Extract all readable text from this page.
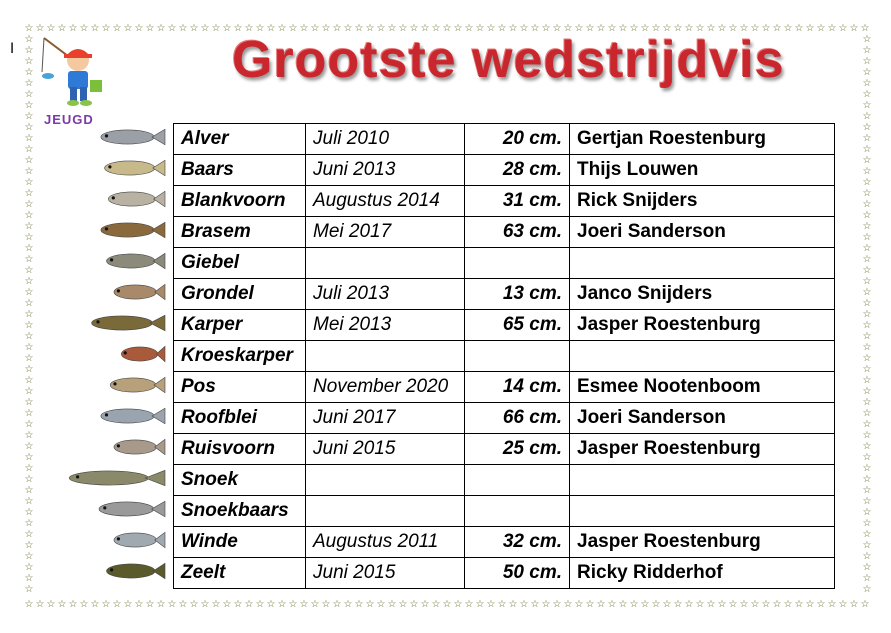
I
☆
☆
☆
☆
☆
☆
☆
☆
☆
☆
☆
☆
☆
☆
☆
☆
☆
☆
☆
☆
☆
☆
☆
☆
☆
☆
☆
☆
☆
☆
☆
☆
☆
☆
☆
☆
☆
☆
☆
☆
☆
☆
☆
☆
☆
☆
☆
☆
☆
☆
☆
☆
☆
☆
☆
☆
☆
☆
☆
☆
☆
☆
☆
☆
☆
☆
☆
☆
☆
☆
☆
☆
☆
☆
☆
☆
☆
☆
☆
☆
☆
☆
☆
☆
☆
☆
☆
☆
☆
☆
☆
☆
☆
☆
☆
☆
☆
☆
☆
☆
☆
☆
☆
☆
☆
☆
☆
☆
☆
☆
☆
☆
☆
☆
☆
☆
☆
☆
☆
☆
☆
☆
☆
☆
☆
☆
☆
☆
☆
☆
☆
☆
☆
☆
☆
☆
☆
☆
☆
☆
☆
☆
☆
☆
☆
☆
☆
☆
☆
☆
☆
☆
☆
☆
☆	☆
☆	☆
☆	☆
☆	☆
☆	☆
☆	☆
☆	☆
☆	☆
☆	☆
☆	☆
☆	☆
☆	☆
☆	☆
☆	☆
☆	☆
☆	☆
☆	☆
☆	☆
☆	☆
☆	☆
☆	☆
☆	☆
☆	☆
☆	☆
☆	☆
☆	☆
☆	☆
☆	☆
☆	☆
☆	☆
☆	☆
☆	☆
☆	☆
☆	☆
☆	☆
☆	☆
☆	☆
☆	☆
☆	☆
☆	☆
☆	☆
☆	☆
☆	☆
☆	☆
☆	☆
☆	☆
☆	☆
☆	☆
☆	☆
☆	☆
☆	☆
JEUGD
Grootste wedstrijdvis
Alver	Juli 2010	20 cm.	Gertjan Roestenburg
Baars	Juni 2013	28 cm.	Thijs Louwen
Blankvoorn	Augustus 2014	31 cm.	Rick Snijders
Brasem	Mei 2017	63 cm.	Joeri Sanderson
Giebel			
Grondel	Juli 2013	13 cm.	Janco Snijders
Karper	Mei 2013	65 cm.	Jasper Roestenburg
Kroeskarper			
Pos	November 2020	14 cm.	Esmee Nootenboom
Roofblei	Juni 2017	66 cm.	Joeri Sanderson
Ruisvoorn	Juni 2015	25 cm.	Jasper Roestenburg
Snoek			
Snoekbaars			
Winde	Augustus 2011	32 cm.	Jasper Roestenburg
Zeelt	Juni 2015	50 cm.	Ricky Ridderhof
